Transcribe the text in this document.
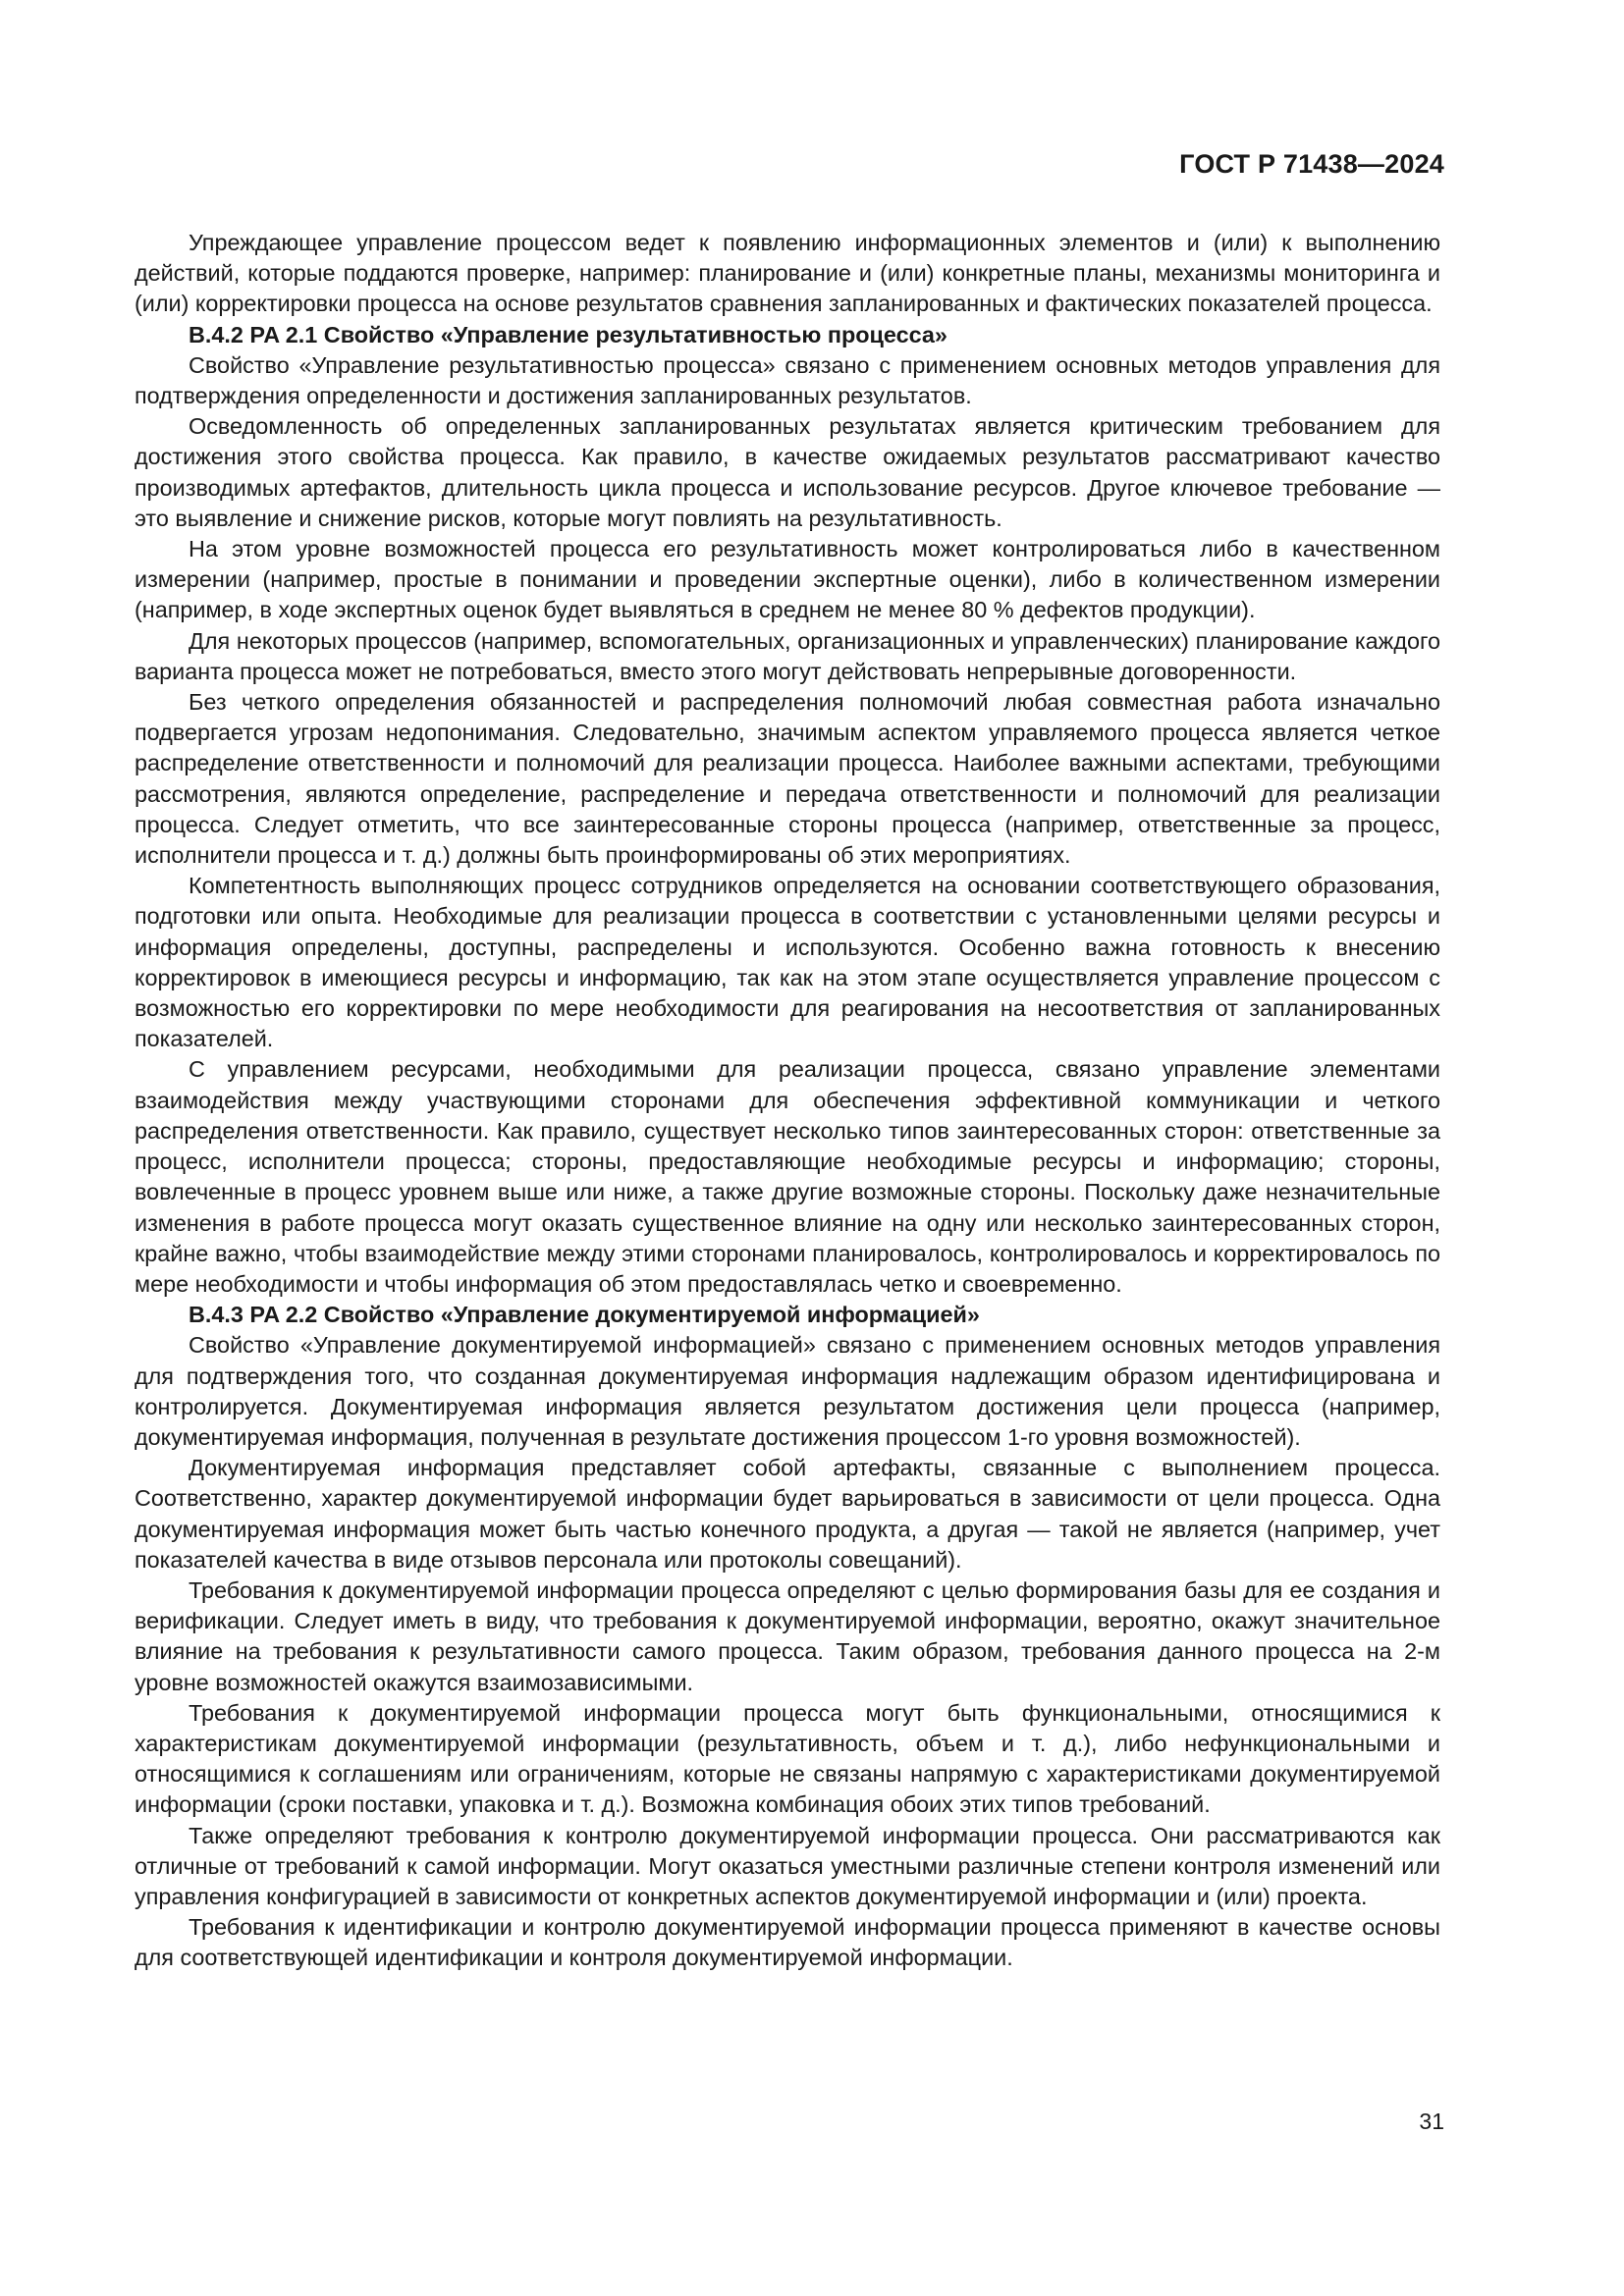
ГОСТ Р 71438—2024

Упреждающее управление процессом ведет к появлению информационных элементов и (или) к выполнению действий, которые поддаются проверке, например: планирование и (или) конкретные планы, механизмы мониторинга и (или) корректировки процесса на основе результатов сравнения запланированных и фактических показателей процесса.

В.4.2 PA 2.1 Свойство «Управление результативностью процесса»

Свойство «Управление результативностью процесса» связано с применением основных методов управления для подтверждения определенности и достижения запланированных результатов.

Осведомленность об определенных запланированных результатах является критическим требованием для достижения этого свойства процесса. Как правило, в качестве ожидаемых результатов рассматривают качество производимых артефактов, длительность цикла процесса и использование ресурсов. Другое ключевое требование — это выявление и снижение рисков, которые могут повлиять на результативность.

На этом уровне возможностей процесса его результативность может контролироваться либо в качественном измерении (например, простые в понимании и проведении экспертные оценки), либо в количественном измерении (например, в ходе экспертных оценок будет выявляться в среднем не менее 80 % дефектов продукции).

Для некоторых процессов (например, вспомогательных, организационных и управленческих) планирование каждого варианта процесса может не потребоваться, вместо этого могут действовать непрерывные договоренности.

Без четкого определения обязанностей и распределения полномочий любая совместная работа изначально подвергается угрозам недопонимания. Следовательно, значимым аспектом управляемого процесса является четкое распределение ответственности и полномочий для реализации процесса. Наиболее важными аспектами, требующими рассмотрения, являются определение, распределение и передача ответственности и полномочий для реализации процесса. Следует отметить, что все заинтересованные стороны процесса (например, ответственные за процесс, исполнители процесса и т. д.) должны быть проинформированы об этих мероприятиях.

Компетентность выполняющих процесс сотрудников определяется на основании соответствующего образования, подготовки или опыта. Необходимые для реализации процесса в соответствии с установленными целями ресурсы и информация определены, доступны, распределены и используются. Особенно важна готовность к внесению корректировок в имеющиеся ресурсы и информацию, так как на этом этапе осуществляется управление процессом с возможностью его корректировки по мере необходимости для реагирования на несоответствия от запланированных показателей.

С управлением ресурсами, необходимыми для реализации процесса, связано управление элементами взаимодействия между участвующими сторонами для обеспечения эффективной коммуникации и четкого распределения ответственности. Как правило, существует несколько типов заинтересованных сторон: ответственные за процесс, исполнители процесса; стороны, предоставляющие необходимые ресурсы и информацию; стороны, вовлеченные в процесс уровнем выше или ниже, а также другие возможные стороны. Поскольку даже незначительные изменения в работе процесса могут оказать существенное влияние на одну или несколько заинтересованных сторон, крайне важно, чтобы взаимодействие между этими сторонами планировалось, контролировалось и корректировалось по мере необходимости и чтобы информация об этом предоставлялась четко и своевременно.

В.4.3 PA 2.2 Свойство «Управление документируемой информацией»

Свойство «Управление документируемой информацией» связано с применением основных методов управления для подтверждения того, что созданная документируемая информация надлежащим образом идентифицирована и контролируется. Документируемая информация является результатом достижения цели процесса (например, документируемая информация, полученная в результате достижения процессом 1-го уровня возможностей).

Документируемая информация представляет собой артефакты, связанные с выполнением процесса. Соответственно, характер документируемой информации будет варьироваться в зависимости от цели процесса. Одна документируемая информация может быть частью конечного продукта, а другая — такой не является (например, учет показателей качества в виде отзывов персонала или протоколы совещаний).

Требования к документируемой информации процесса определяют с целью формирования базы для ее создания и верификации. Следует иметь в виду, что требования к документируемой информации, вероятно, окажут значительное влияние на требования к результативности самого процесса. Таким образом, требования данного процесса на 2-м уровне возможностей окажутся взаимозависимыми.

Требования к документируемой информации процесса могут быть функциональными, относящимися к характеристикам документируемой информации (результативность, объем и т. д.), либо нефункциональными и относящимися к соглашениям или ограничениям, которые не связаны напрямую с характеристиками документируемой информации (сроки поставки, упаковка и т. д.). Возможна комбинация обоих этих типов требований.

Также определяют требования к контролю документируемой информации процесса. Они рассматриваются как отличные от требований к самой информации. Могут оказаться уместными различные степени контроля изменений или управления конфигурацией в зависимости от конкретных аспектов документируемой информации и (или) проекта.

Требования к идентификации и контролю документируемой информации процесса применяют в качестве основы для соответствующей идентификации и контроля документируемой информации.

31
